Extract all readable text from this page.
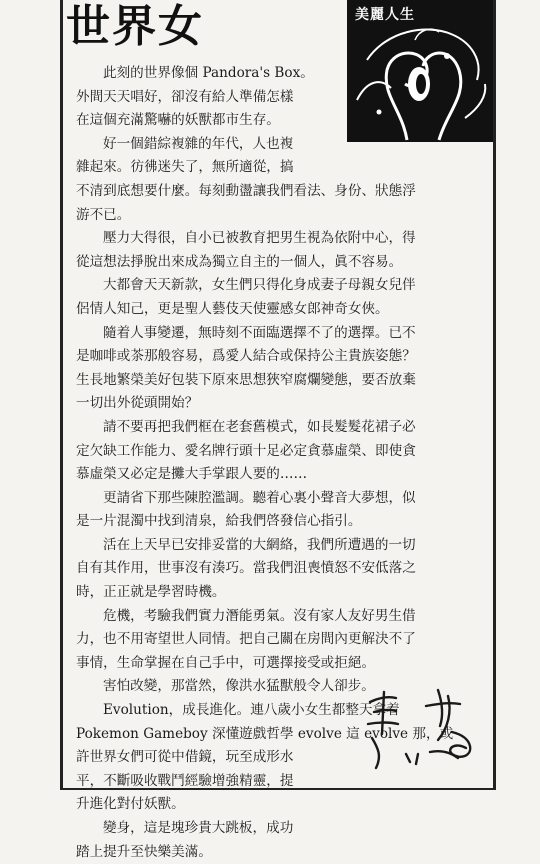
世界女	美麗人生
此刻的世界像個 Pandora's Box。
外間天天唱好，卻沒有給人準備怎樣
在這個充滿驚嚇的妖獸都市生存。
好一個錯綜複雜的年代，人也複
雜起來。彷彿迷失了，無所適從，搞
不清到底想要什麼。每刻動盪讓我們看法、身份、狀態浮
游不已。
壓力大得很，自小已被教育把男生視為依附中心，得
從這想法掙脫出來成為獨立自主的一個人，眞不容易。
大都會天天新款，女生們只得化身成妻子母親女兒伴
侶情人知己，更是聖人藝伎天使靈感女郎神奇女俠。
隨着人事變遷，無時刻不面臨選擇不了的選擇。已不
是咖啡或茶那般容易，爲愛人結合或保持公主貴族姿態？
生長地繁榮美好包裝下原來思想狹窄腐爛變態，要否放棄
一切出外從頭開始？
請不要再把我們框在老套舊模式，如長髮髮花裙子必
定欠缺工作能力、愛名牌行頭十足必定貪慕虛榮、即使貪
慕虛榮又必定是攤大手掌跟人要的……
更請省下那些陳腔濫調。聽着心裏小聲音大夢想，似
是一片混濁中找到清泉，給我們啓發信心指引。
活在上天早已安排妥當的大網絡，我們所遭遇的一切
自有其作用，世事沒有湊巧。當我們沮喪憤怒不安低落之
時，正正就是學習時機。
危機，考驗我們實力潛能勇氣。沒有家人友好男生借
力，也不用寄望世人同情。把自己關在房間內更解決不了
事情，生命掌握在自己手中，可選擇接受或拒絕。
害怕改變，那當然，像洪水猛獸般令人卻步。
Evolution，成長進化。連八歲小女生都整天拿着
Pokemon Gameboy 深懂遊戲哲學 evolve 這 evolve 那，或
許世界女們可從中借鏡，玩至成形水
平，不斷吸收戰鬥經驗增強精靈，提
升進化對付妖獸。
變身，這是塊珍貴大跳板，成功
踏上提升至快樂美滿。
